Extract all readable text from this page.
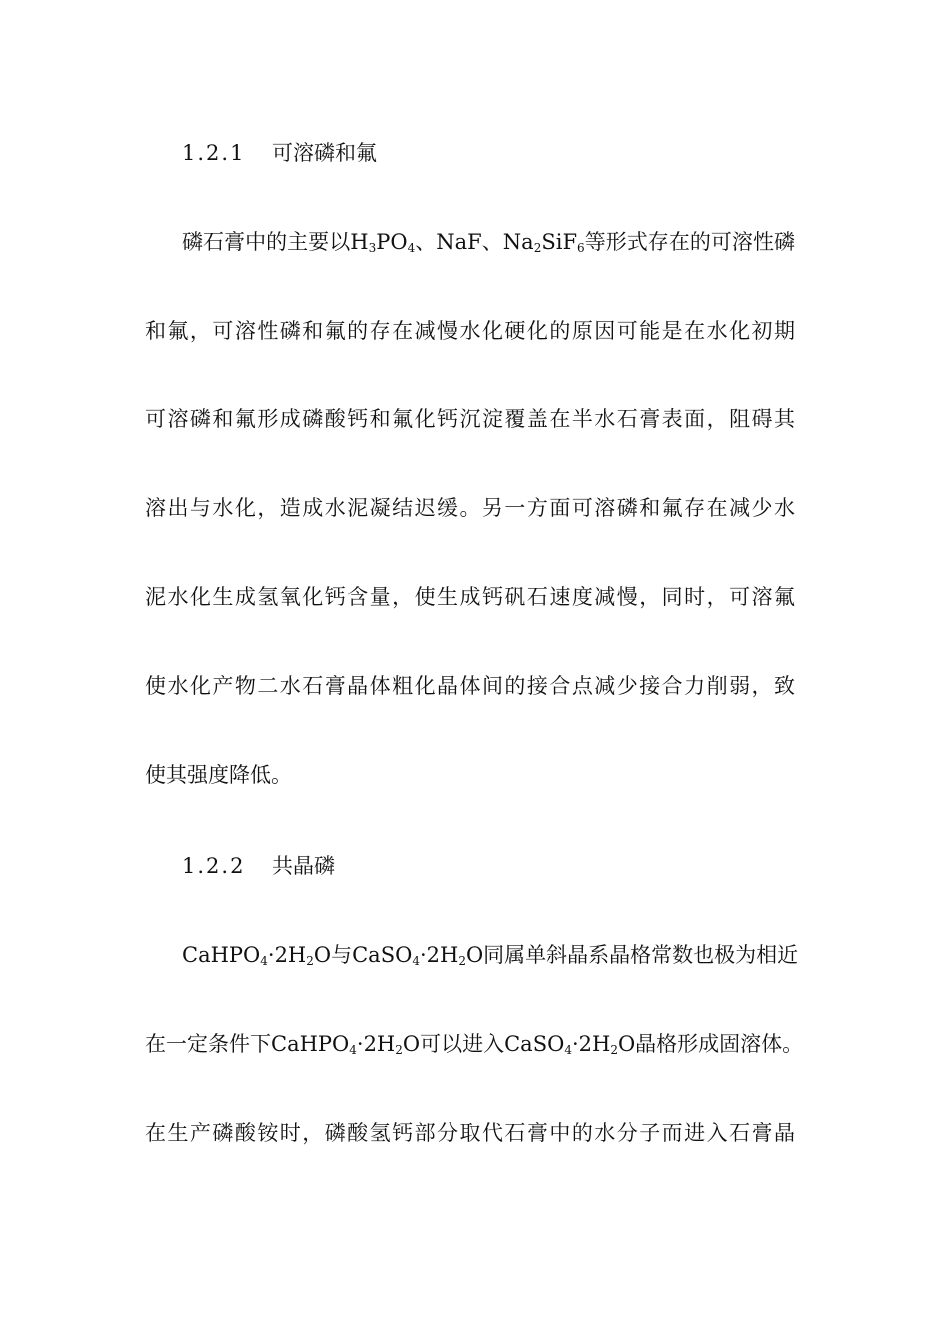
1.2.1 可溶磷和氟
磷石膏中的主要以$H_3PO_4$、NaF、$Na_2SiF_6$等形式存在的可溶性磷
和氟，可溶性磷和氟的存在减慢水化硬化的原因可能是在水化初期
可溶磷和氟形成磷酸钙和氟化钙沉淀覆盖在半水石膏表面，阻碍其
溶出与水化，造成水泥凝结迟缓。另一方面可溶磷和氟存在减少水
泥水化生成氢氧化钙含量，使生成钙矾石速度减慢，同时，可溶氟
使水化产物二水石膏晶体粗化晶体间的接合点减少接合力削弱，致
使其强度降低。
1.2.2 共晶磷
$CaHPO_4\cdot 2H_2O$与$CaSO_4\cdot 2H_2O$同属单斜晶系晶格常数也极为相近
在一定条件下$CaHPO_4\cdot 2H_2O$可以进入$CaSO_4\cdot 2H_2O$晶格形成固溶体。
在生产磷酸铵时，磷酸氢钙部分取代石膏中的水分子而进入石膏晶
